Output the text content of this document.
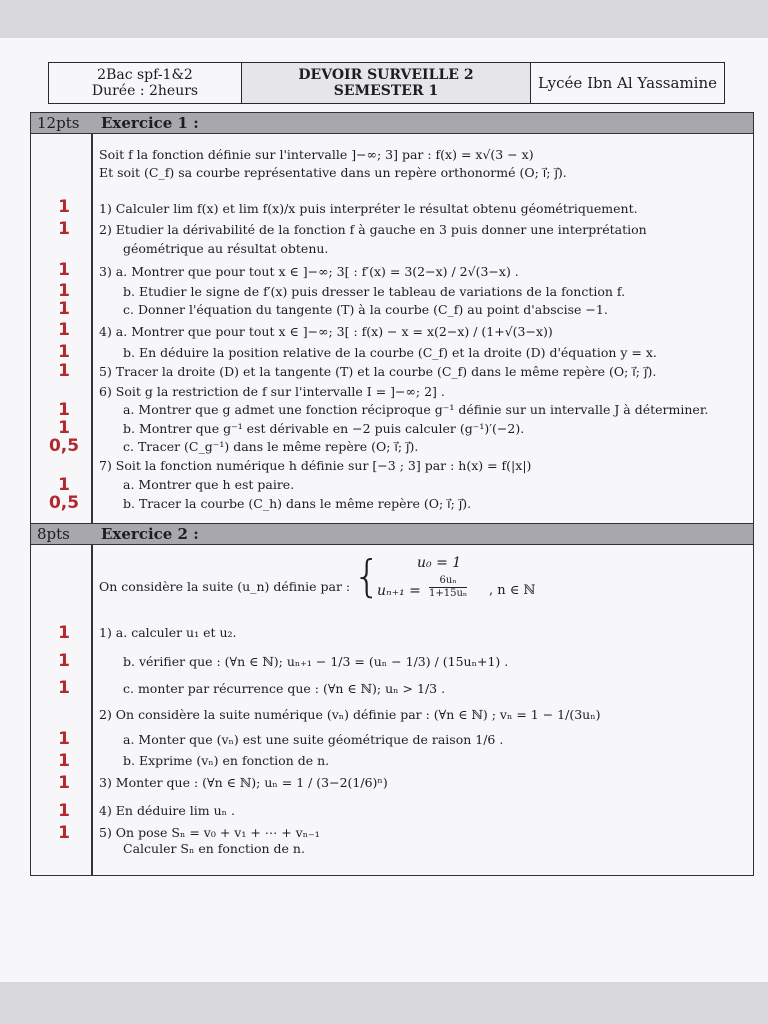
2Bac spf-1&2
Durée : 2heurs
DEVOIR SURVEILLE 2
SEMESTER 1	Lycée Ibn Al Yassamine
12pts Exercice 1 :
Soit f la fonction définie sur l'intervalle ]−∞; 3] par : f(x) = x√(3 − x)
Et soit (C_f) sa courbe représentative dans un repère orthonormé (O; i⃗; j⃗).
1	1) Calculer lim f(x) et lim f(x)/x puis interpréter le résultat obtenu géométriquement.
1	2) Etudier la dérivabilité de la fonction f à gauche en 3 puis donner une interprétation
géométrique au résultat obtenu.
1	3) a. Montrer que pour tout x ∈ ]−∞; 3[ : f′(x) = 3(2−x) / 2√(3−x) .
1	b. Etudier le signe de f′(x) puis dresser le tableau de variations de la fonction f.
1	c. Donner l'équation du tangente (T) à la courbe (C_f) au point d'abscise −1.
1	4) a. Montrer que pour tout x ∈ ]−∞; 3[ : f(x) − x = x(2−x) / (1+√(3−x))
1	b. En déduire la position relative de la courbe (C_f) et la droite (D) d'équation y = x.
1	5) Tracer la droite (D) et la tangente (T) et la courbe (C_f) dans le même repère (O; i⃗; j⃗).
6) Soit g la restriction de f sur l'intervalle I = ]−∞; 2] .
1	a. Montrer que g admet une fonction réciproque g⁻¹ définie sur un intervalle J à déterminer.
1	b. Montrer que g⁻¹ est dérivable en −2 puis calculer (g⁻¹)′(−2).
0,5	c. Tracer (C_g⁻¹) dans le même repère (O; i⃗; j⃗).
7) Soit la fonction numérique h définie sur [−3 ; 3] par : h(x) = f(|x|)
1	a. Montrer que h est paire.
0,5	b. Tracer la courbe (C_h) dans le même repère (O; i⃗; j⃗).
8pts Exercice 2 :
On considère la suite (u_n) définie par : {	u₀ = 1
$u_{n+1} = \frac{\text{6uₙ}}{\text{1+15uₙ}}$ , n ∈ ℕ
1	1) a. calculer u₁ et u₂.
1	b. vérifier que : (∀n ∈ ℕ); uₙ₊₁ − 1/3 = (uₙ − 1/3) / (15uₙ+1) .
1	c. monter par récurrence que : (∀n ∈ ℕ); uₙ > 1/3 .
2) On considère la suite numérique (vₙ) définie par : (∀n ∈ ℕ) ; vₙ = 1 − 1/(3uₙ)
1	a. Monter que (vₙ) est une suite géométrique de raison 1/6 .
1	b. Exprime (vₙ) en fonction de n.
1	3) Monter que : (∀n ∈ ℕ); uₙ = 1 / (3−2(1/6)ⁿ)
1	4) En déduire lim uₙ .
1	5) On pose Sₙ = v₀ + v₁ + ⋯ + vₙ₋₁
Calculer Sₙ en fonction de n.
